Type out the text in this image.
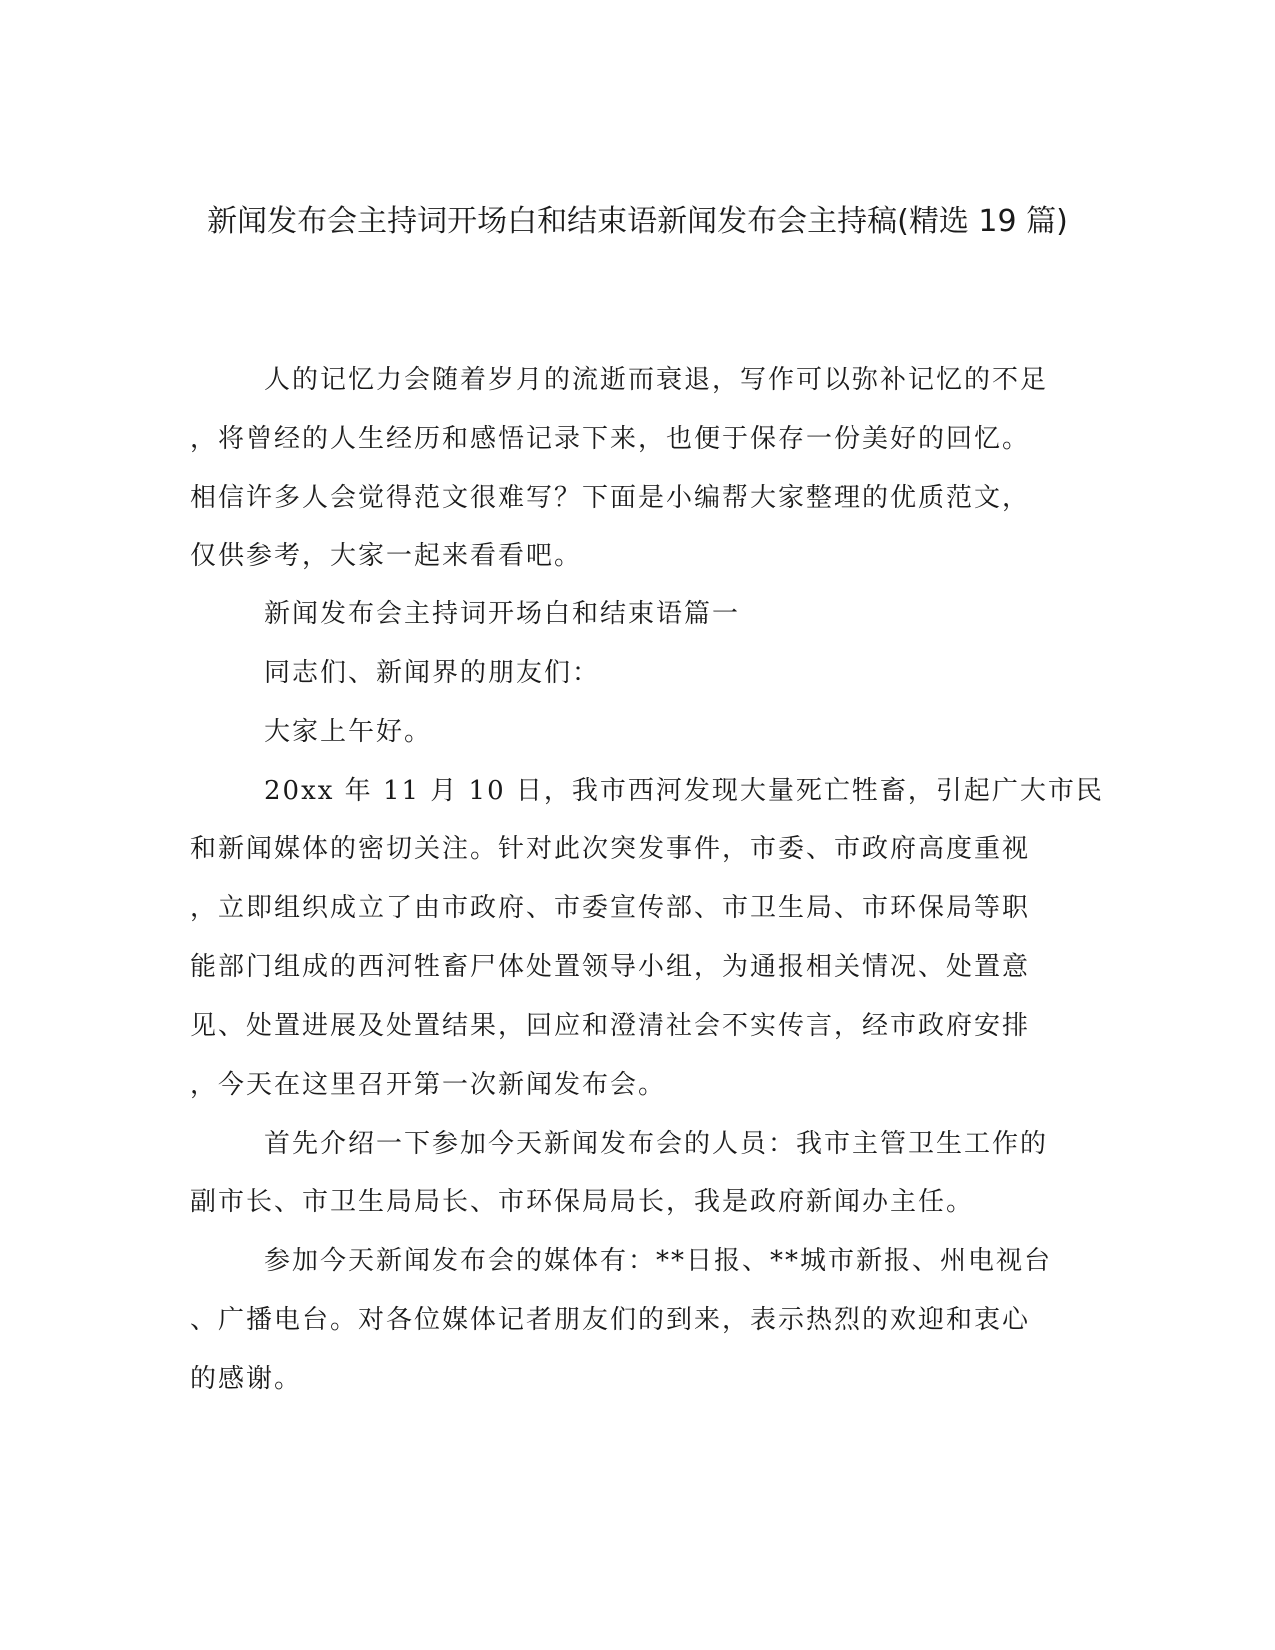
新闻发布会主持词开场白和结束语新闻发布会主持稿(精选 19 篇)
人的记忆力会随着岁月的流逝而衰退，写作可以弥补记忆的不足
，将曾经的人生经历和感悟记录下来，也便于保存一份美好的回忆。
相信许多人会觉得范文很难写？下面是小编帮大家整理的优质范文，
仅供参考，大家一起来看看吧。
新闻发布会主持词开场白和结束语篇一
同志们、新闻界的朋友们：
大家上午好。
20xx 年 11 月 10 日，我市西河发现大量死亡牲畜，引起广大市民
和新闻媒体的密切关注。针对此次突发事件，市委、市政府高度重视
，立即组织成立了由市政府、市委宣传部、市卫生局、市环保局等职
能部门组成的西河牲畜尸体处置领导小组，为通报相关情况、处置意
见、处置进展及处置结果，回应和澄清社会不实传言，经市政府安排
，今天在这里召开第一次新闻发布会。
首先介绍一下参加今天新闻发布会的人员：我市主管卫生工作的
副市长、市卫生局局长、市环保局局长，我是政府新闻办主任。
参加今天新闻发布会的媒体有：**日报、**城市新报、州电视台
、广播电台。对各位媒体记者朋友们的到来，表示热烈的欢迎和衷心
的感谢。
